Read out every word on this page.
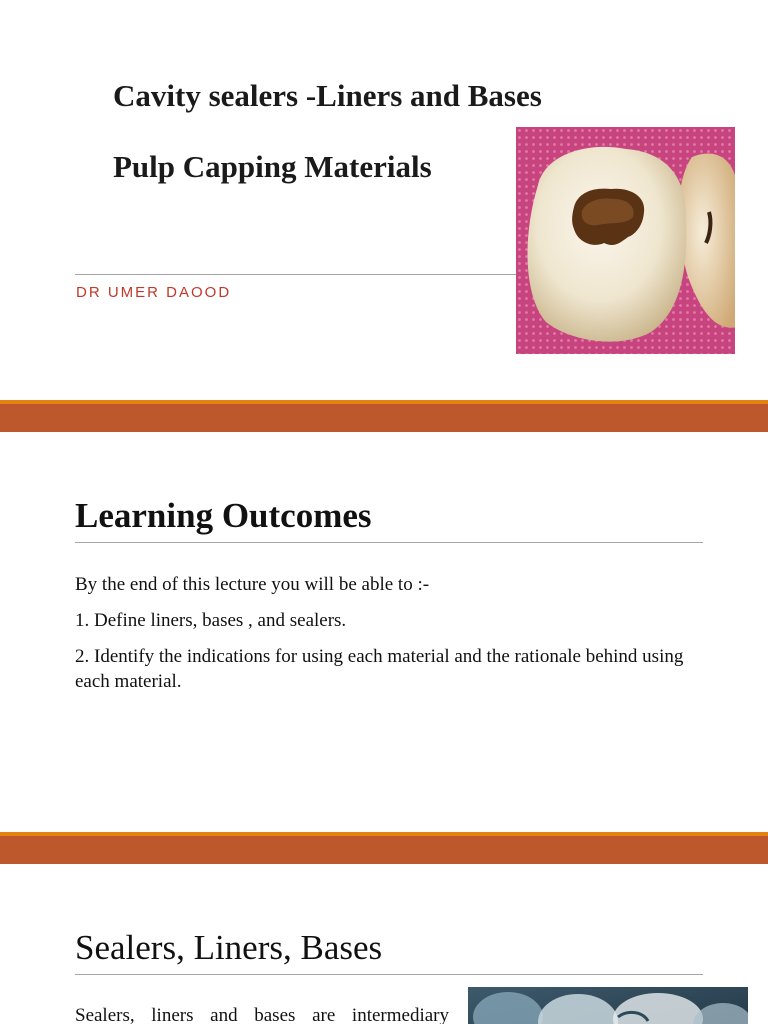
Cavity sealers -Liners and Bases
Pulp Capping Materials
DR UMER DAOOD
Learning Outcomes

By the end of this lecture you will be able to :-

1. Define liners, bases , and sealers.

2. Identify the indications for using each material and the rationale behind using each material.

Sealers, Liners, Bases
Sealers, liners and bases are intermediary
